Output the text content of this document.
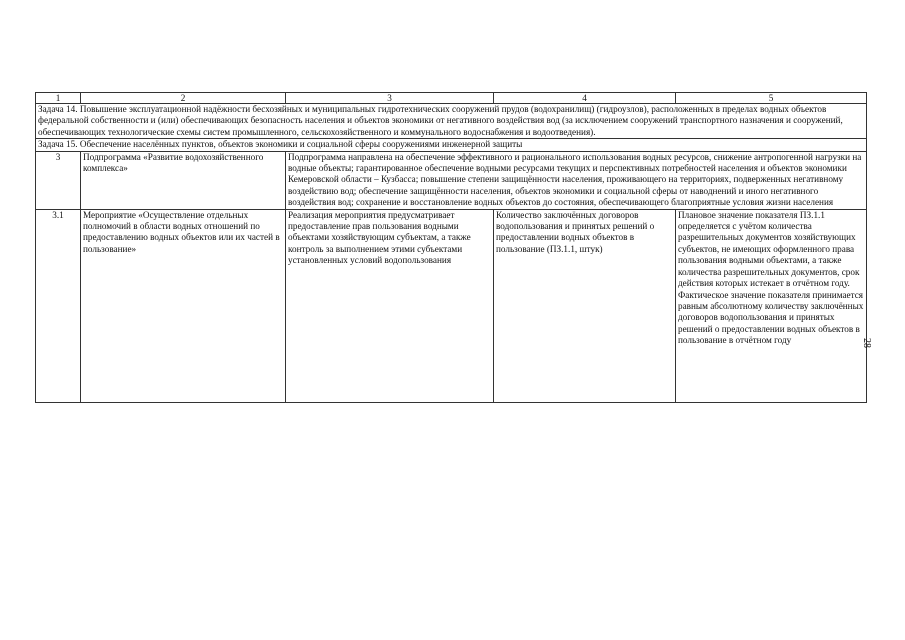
1	2	3	4	5
Задача 14. Повышение эксплуатационной надёжности бесхозяйных и муниципальных гидротехнических сооружений прудов (водохранилищ) (гидроузлов), расположенных в пределах водных объектов федеральной собственности и (или) обеспечивающих безопасность населения и объектов экономики от негативного воздействия вод (за исключением сооружений транспортного назначения и сооружений, обеспечивающих технологические схемы систем промышленного, сельскохозяйственного и коммунального водоснабжения и водоотведения).				
Задача 15. Обеспечение населённых пунктов, объектов экономики и социальной сферы сооружениями инженерной защиты				
3	Подпрограмма «Развитие водохозяйственного комплекса»	Подпрограмма направлена на обеспечение эффективного и рационального использования водных ресурсов, снижение антропогенной нагрузки на водные объекты; гарантированное обеспечение водными ресурсами текущих и перспективных потребностей населения и объектов экономики Кемеровской области – Кузбасса; повышение степени защищённости населения, проживающего на территориях, подверженных негативному воздействию вод; обеспечение защищённости населения, объектов экономики и социальной сферы от наводнений и иного негативного воздействия вод; сохранение и восстановление водных объектов до состояния, обеспечивающего благоприятные условия жизни населения		
3.1	Мероприятие «Осуществление отдельных полномочий в области водных отношений по предоставлению водных объектов или их частей в пользование»	Реализация мероприятия предусматривает предоставление прав пользования водными объектами хозяйствующим субъектам, а также контроль за выполнением этими субъектами установленных условий водопользования	Количество заключённых договоров водопользования и принятых решений о предоставлении водных объектов в пользование (ПЗ.1.1, штук)	Плановое значение показателя ПЗ.1.1 определяется с учётом количества разрешительных документов хозяйствующих субъектов, не имеющих оформленного права пользования водными объектами, а также количества разрешительных документов, срок действия которых истекает в отчётном году.
Фактическое значение показателя принимается равным абсолютному количеству заключённых договоров водопользования и принятых решений о предоставлении водных объектов в пользование в отчётном году	28
